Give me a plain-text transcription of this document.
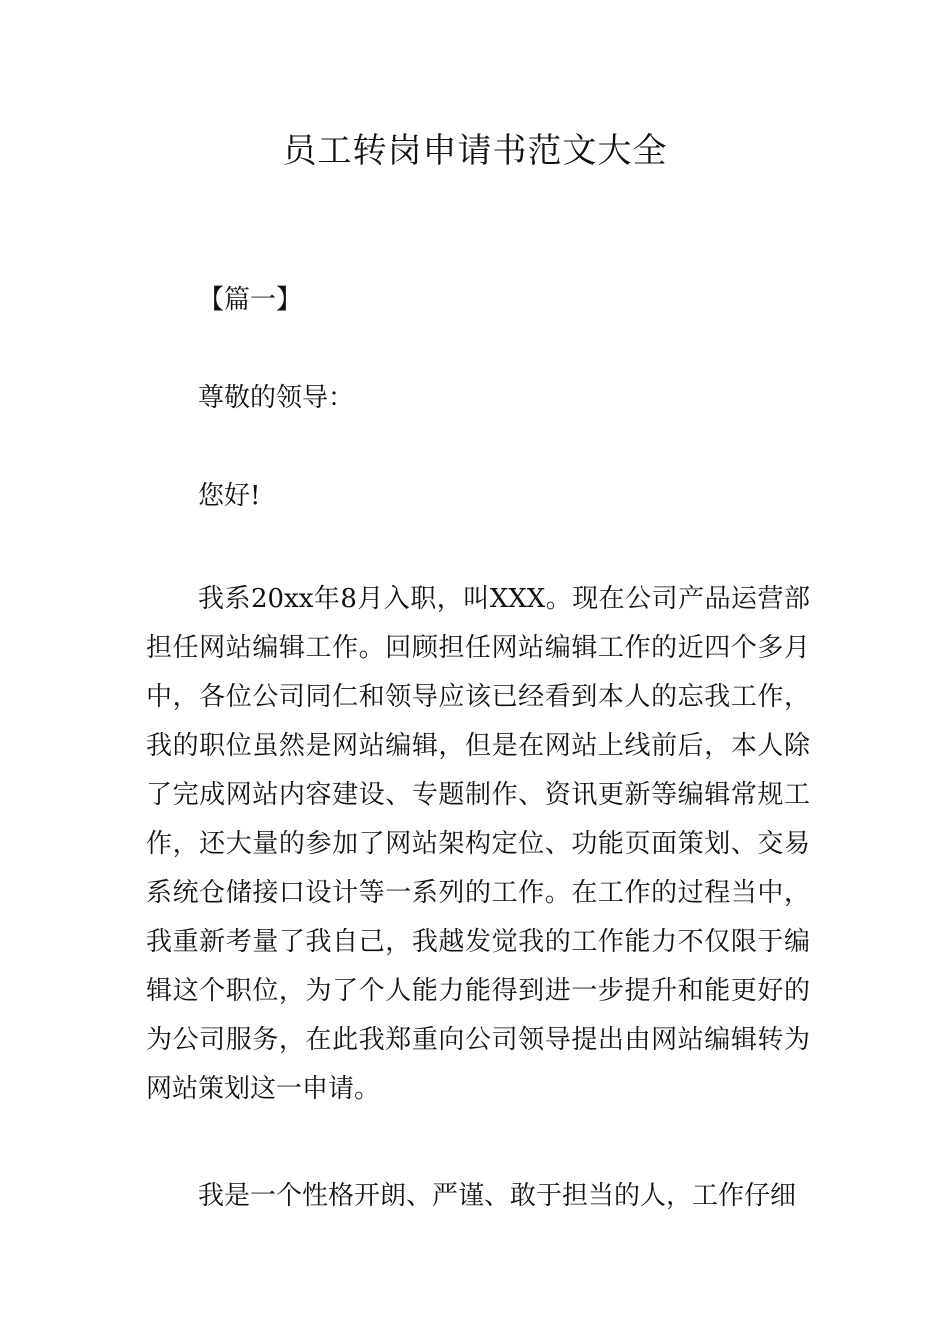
员工转岗申请书范文大全

【篇一】

尊敬的领导：

您好!

我系20xx年8月入职，叫XXX。现在公司产品运营部担任网站编辑工作。回顾担任网站编辑工作的近四个多月中，各位公司同仁和领导应该已经看到本人的忘我工作，我的职位虽然是网站编辑，但是在网站上线前后，本人除了完成网站内容建设、专题制作、资讯更新等编辑常规工作，还大量的参加了网站架构定位、功能页面策划、交易系统仓储接口设计等一系列的工作。在工作的过程当中，我重新考量了我自己，我越发觉我的工作能力不仅限于编辑这个职位，为了个人能力能得到进一步提升和能更好的为公司服务，在此我郑重向公司领导提出由网站编辑转为网站策划这一申请。

我是一个性格开朗、严谨、敢于担当的人，工作仔细
